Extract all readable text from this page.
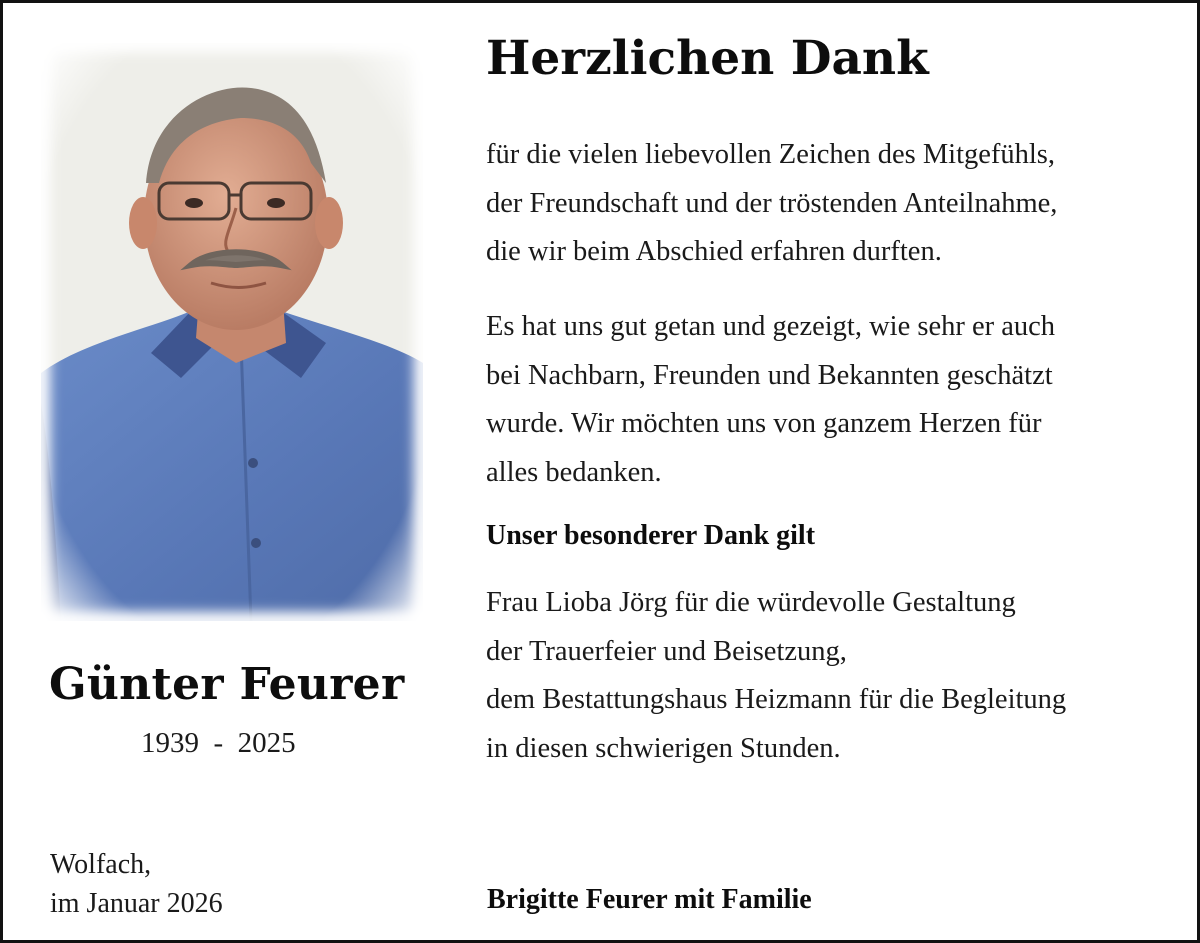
Günter Feurer
1939 - 2025
Wolfach,
im Januar 2026
Herzlichen Dank
für die vielen liebevollen Zeichen des Mitgefühls,
der Freundschaft und der tröstenden Anteilnahme,
die wir beim Abschied erfahren durften.
Es hat uns gut getan und gezeigt, wie sehr er auch
bei Nachbarn, Freunden und Bekannten geschätzt
wurde. Wir möchten uns von ganzem Herzen für
alles bedanken.
Unser besonderer Dank gilt
Frau Lioba Jörg für die würdevolle Gestaltung
der Trauerfeier und Beisetzung,
dem Bestattungshaus Heizmann für die Begleitung
in diesen schwierigen Stunden.
Brigitte Feurer mit Familie
